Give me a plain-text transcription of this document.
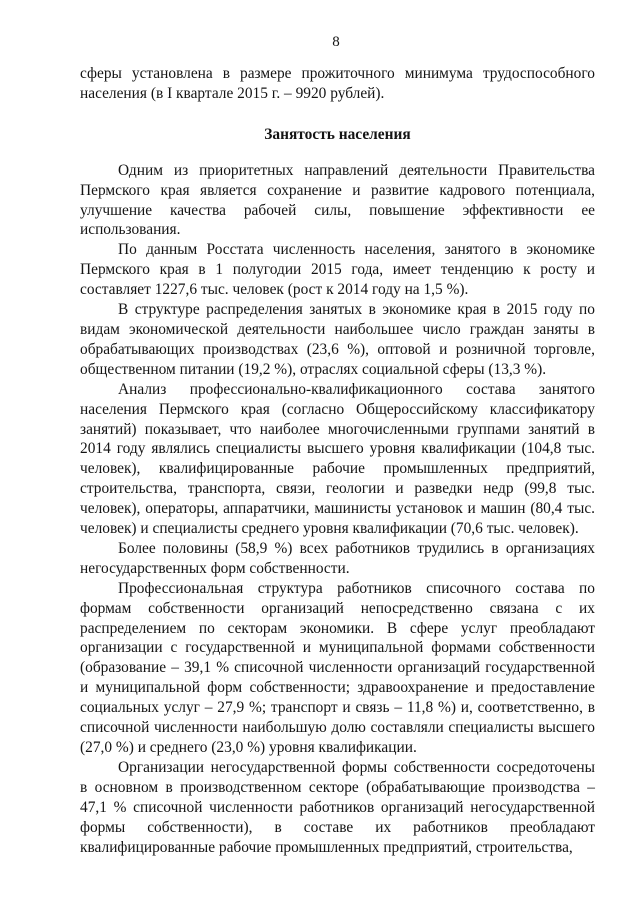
8

сферы установлена в размере прожиточного минимума трудоспособного населения (в I квартале 2015 г. – 9920 рублей).

Занятость населения

Одним из приоритетных направлений деятельности Правительства Пермского края является сохранение и развитие кадрового потенциала, улучшение качества рабочей силы, повышение эффективности ее использования.

По данным Росстата численность населения, занятого в экономике Пермского края в 1 полугодии 2015 года, имеет тенденцию к росту и составляет 1227,6 тыс. человек (рост к 2014 году на 1,5 %).

В структуре распределения занятых в экономике края в 2015 году по видам экономической деятельности наибольшее число граждан заняты в обрабатывающих производствах (23,6 %), оптовой и розничной торговле, общественном питании (19,2 %), отраслях социальной сферы (13,3 %).

Анализ профессионально-квалификационного состава занятого населения Пермского края (согласно Общероссийскому классификатору занятий) показывает, что наиболее многочисленными группами занятий в 2014 году являлись специалисты высшего уровня квалификации (104,8 тыс. человек), квалифицированные рабочие промышленных предприятий, строительства, транспорта, связи, геологии и разведки недр (99,8 тыс. человек), операторы, аппаратчики, машинисты установок и машин (80,4 тыс. человек) и специалисты среднего уровня квалификации (70,6 тыс. человек).

Более половины (58,9 %) всех работников трудились в организациях негосударственных форм собственности.

Профессиональная структура работников списочного состава по формам собственности организаций непосредственно связана с их распределением по секторам экономики. В сфере услуг преобладают организации с государственной и муниципальной формами собственности (образование – 39,1 % списочной численности организаций государственной и муниципальной форм собственности; здравоохранение и предоставление социальных услуг – 27,9 %; транспорт и связь – 11,8 %) и, соответственно, в списочной численности наибольшую долю составляли специалисты высшего (27,0 %) и среднего (23,0 %) уровня квалификации.

Организации негосударственной формы собственности сосредоточены в основном в производственном секторе (обрабатывающие производства – 47,1 % списочной численности работников организаций негосударственной формы собственности), в составе их работников преобладают квалифицированные рабочие промышленных предприятий, строительства,
